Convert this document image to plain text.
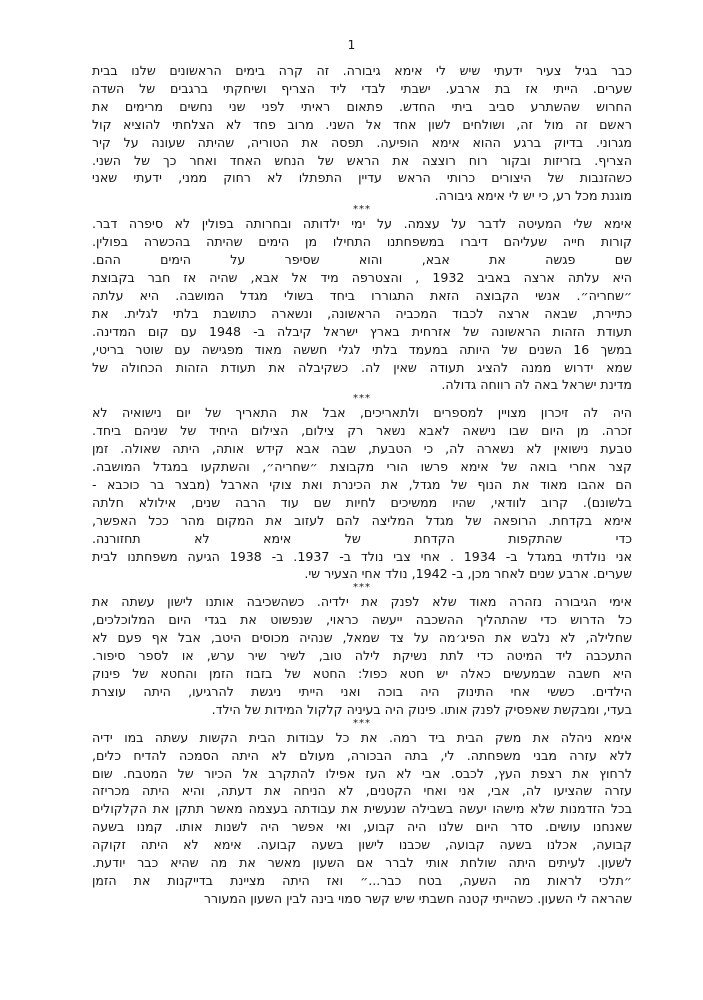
1
כבר בגיל צעיר ידעתי שיש לי אימא גיבורה. זה קרה בימים הראשונים שלנו בבית
שערים. הייתי אז בת ארבע. ישבתי לבדי ליד הצריף ושיחקתי ברגבים של השדה
החרוש שהשתרע סביב ביתי החדש. פתאום ראיתי לפני שני נחשים מרימים את
ראשם זה מול זה, ושולחים לשון אחד אל השני. מרוב פחד לא הצלחתי להוציא קול
מגרוני. בדיוק ברגע ההוא אימא הופיעה. תפסה את הטוריה, שהיתה שעונה על קיר
הצריף. בזריזות ובקור רוח רוצצה את הראש של הנחש האחד ואחר כך של השני.
כשהזנבות של היצורים כרותי הראש עדיין התפתלו לא רחוק ממני, ידעתי שאני
מוגנת מכל רע, כי יש לי אימא גיבורה.
***
אימא שלי המעיטה לדבר על עצמה. על ימי ילדותה ובחרותה בפולין לא סיפרה דבר.
קורות חייה שעליהם דיברו במשפחתנו התחילו מן הימים שהיתה בהכשרה בפולין.
שם פגשה את אבא, והוא שסיפר על הימים ההם.
היא עלתה ארצה באביב 1932 , והצטרפה מיד אל אבא, שהיה אז חבר בקבוצת
״שחריה״. אנשי הקבוצה הזאת התגוררו ביחד בשולי מגדל המושבה. היא עלתה
כתיירת, שבאה ארצה לכבוד המכביה הראשונה, ונשארה כתושבת בלתי לגלית. את
תעודת הזהות הראשונה של אזרחית בארץ ישראל קיבלה ב- 1948 עם קום המדינה.
במשך 16 השנים של היותה במעמד בלתי לגלי חששה מאוד מפגישה עם שוטר בריטי,
שמא ידרוש ממנה להציג תעודה שאין לה. כשקיבלה את תעודת הזהות הכחולה של
מדינת ישראל באה לה רווחה גדולה.
***
היה לה זיכרון מצויין למספרים ולתאריכים, אבל את התאריך של יום נישואיה לא
זכרה. מן היום שבו נישאה לאבא נשאר רק צילום, הצילום היחיד של שניהם ביחד.
טבעת נישואין לא נשארה לה, כי הטבעת, שבה אבא קידש אותה, היתה שאולה. זמן
קצר אחרי בואה של אימא פרשו הורי מקבוצת ״שחריה״, והשתקעו במגדל המושבה.
הם אהבו מאוד את הנוף של מגדל, את הכינרת ואת צוקי הארבל (מבצר בר כוכבא -
בלשונם). קרוב לוודאי, שהיו ממשיכים לחיות שם עוד הרבה שנים, אילולא חלתה
אימא בקדחת. הרופאה של מגדל המליצה להם לעזוב את המקום מהר ככל האפשר,
כדי שהתקפות הקדחת של אימא לא תחזורנה.
אני נולדתי במגדל ב- 1934 . אחי צבי נולד ב- 1937. ב- 1938 הגיעה משפחתנו לבית
שערים. ארבע שנים לאחר מכן, ב- 1942, נולד אחי הצעיר שי.
***
אימי הגיבורה נזהרה מאוד שלא לפנק את ילדיה. כשהשכיבה אותנו לישון עשתה את
כל הדרוש כדי שהתהליך ההשכבה ייעשה כראוי, שנפשוט את בגדי היום המלוכלכים,
שחלילה, לא נלבש את הפיג׳מה על צד שמאל, שנהיה מכוסים היטב, אבל אף פעם לא
התעכבה ליד המיטה כדי לתת נשיקת לילה טוב, לשיר שיר ערש, או לספר סיפור.
היא חשבה שבמעשים כאלה יש חטא כפול: החטא של בזבוז הזמן והחטא של פינוק
הילדים. כששי אחי התינוק היה בוכה ואני הייתי ניגשת להרגיעו, היתה עוצרת
בעדי, ומבקשת שאפסיק לפנק אותו. פינוק היה בעיניה קלקול המידות של הילד.
***
אימא ניהלה את משק הבית ביד רמה. את כל עבודות הבית הקשות עשתה במו ידיה
ללא עזרה מבני משפחתה. לי, בתה הבכורה, מעולם לא היתה הסמכה להדיח כלים,
לרחוץ את רצפת העץ, לכבס. אבי לא העז אפילו להתקרב אל הכיור של המטבח. שום
עזרה שהציעו לה, אבי, אני ואחי הקטנים, לא הניחה את דעתה, והיא היתה מכריזה
בכל הזדמנות שלא מישהו יעשה בשבילה שנעשית את עבודתה בעצמה מאשר תתקן את הקלקולים
שאנחנו עושים. סדר היום שלנו היה קבוע, ואי אפשר היה לשנות אותו. קמנו בשעה
קבועה, אכלנו בשעה קבועה, שכבנו לישון בשעה קבועה. אימא לא היתה זקוקה
לשעון. לעיתים היתה שולחת אותי לברר אם השעון מאשר את מה שהיא כבר יודעת.
״תלכי לראות מה השעה, בטח כבר...״ ואז היתה מציינת בדייקנות את הזמן
שהראה לי השעון. כשהייתי קטנה חשבתי שיש קשר סמוי בינה לבין השעון המעורר
